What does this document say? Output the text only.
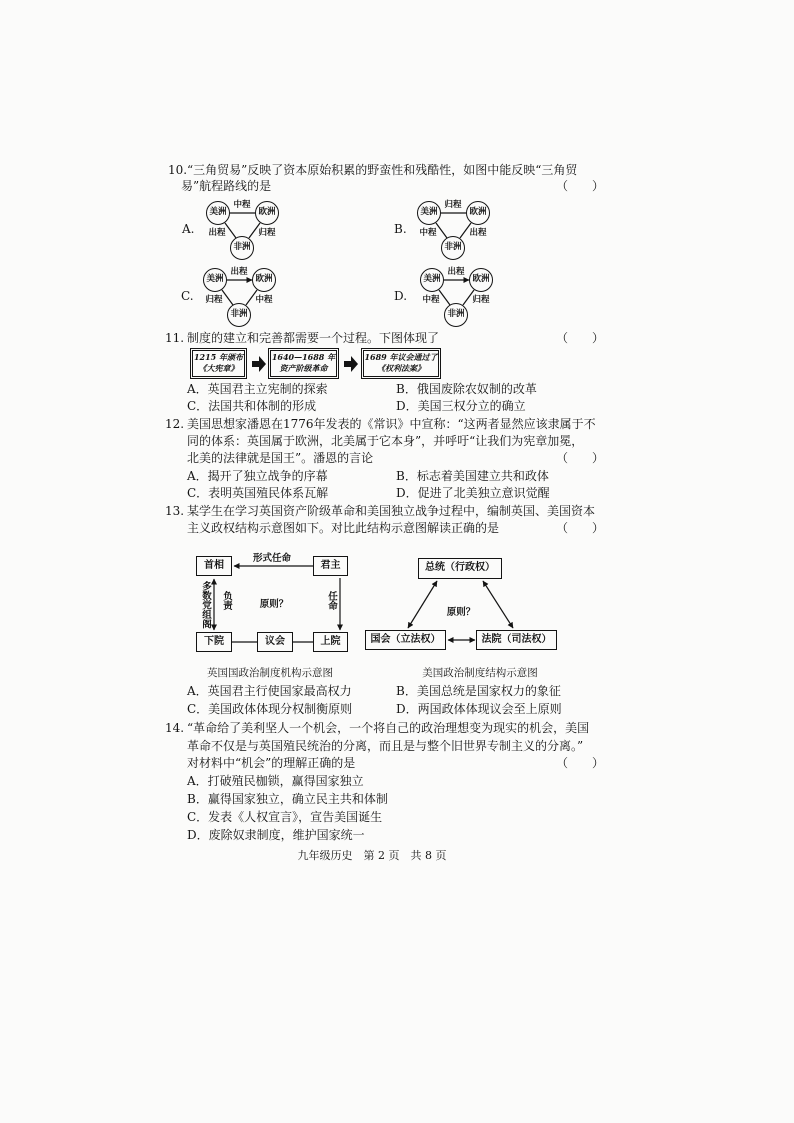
10. “三角贸易”反映了资本原始积累的野蛮性和残酷性，如图中能反映“三角贸
易”航程路线的是	（　　）
A.
美洲	欧洲
非洲
中程
出程	归程	B.
美洲	欧洲
非洲
归程
中程	出程
C.
美洲	欧洲
非洲
出程
归程	中程	D.
美洲	欧洲
非洲
出程
中程	归程
11. 制度的建立和完善都需要一个过程。下图体现了	（　　）
1215 年颁布
《大宪章》
1640—1688 年
资产阶级革命
1689 年议会通过了
《权利法案》
A．英国君主立宪制的探索	B．俄国废除农奴制的改革
C．法国共和体制的形成	D．美国三权分立的确立
12. 美国思想家潘恩在1776年发表的《常识》中宣称：“这两者显然应该隶属于不
同的体系：英国属于欧洲，北美属于它本身”，并呼吁“让我们为宪章加冕，
北美的法律就是国王”。潘恩的言论	（　　）
A．揭开了独立战争的序幕	B．标志着美国建立共和政体
C．表明英国殖民体系瓦解	D．促进了北美独立意识觉醒
13. 某学生在学习英国资产阶级革命和美国独立战争过程中，编制英国、美国资本
主义政权结构示意图如下。对比此结构示意图解读正确的是	（　　）
首相	君主
下院	议会	上院
形式任命
多数党组阁 负责	任命
原则？
英国国政治制度机构示意图
总统（行政权）
国会（立法权）	法院（司法权）
原则？
美国政治制度结构示意图
A．英国君主行使国家最高权力	B．美国总统是国家权力的象征
C．美国政体体现分权制衡原则	D．两国政体体现议会至上原则
14. “革命给了美利坚人一个机会，一个将自己的政治理想变为现实的机会，美国
革命不仅是与英国殖民统治的分离，而且是与整个旧世界专制主义的分离。”
对材料中“机会”的理解正确的是	（　　）
A．打破殖民枷锁，赢得国家独立
B．赢得国家独立，确立民主共和体制
C．发表《人权宣言》，宣告美国诞生
D．废除奴隶制度，维护国家统一
九年级历史　第 2 页　共 8 页
